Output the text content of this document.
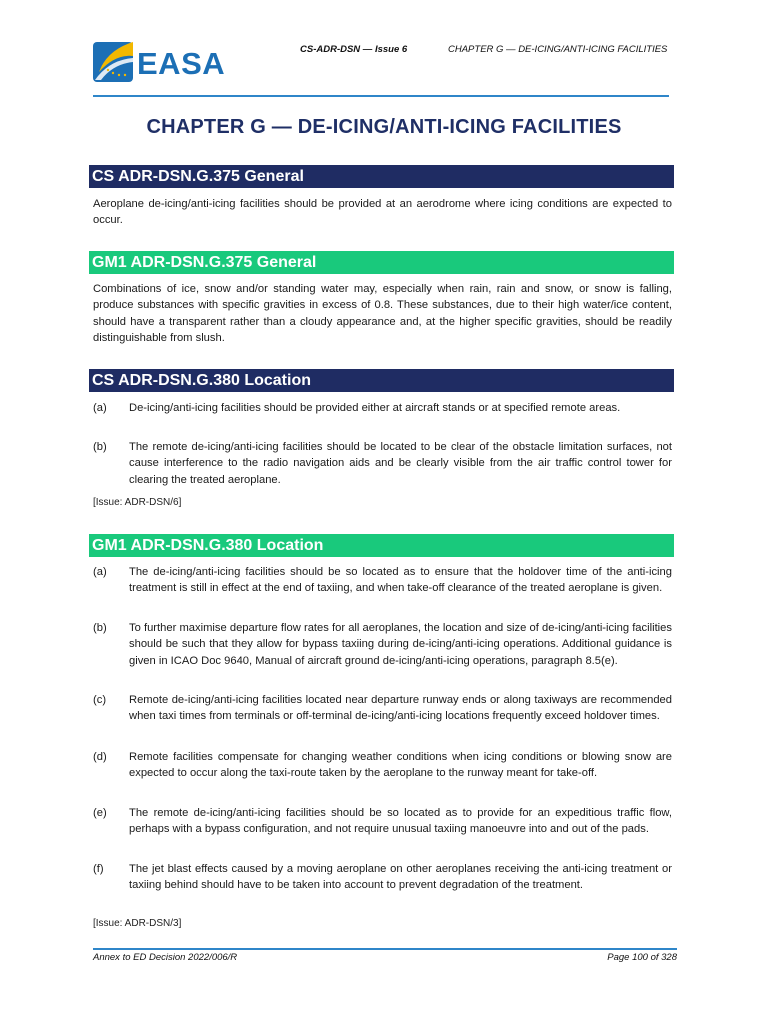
EASA	CS-ADR-DSN — Issue 6	CHAPTER G — DE-ICING/ANTI-ICING FACILITIES
CHAPTER G — DE-ICING/ANTI-ICING FACILITIES
CS ADR-DSN.G.375 General
Aeroplane de-icing/anti-icing facilities should be provided at an aerodrome where icing conditions are expected to occur.
GM1 ADR-DSN.G.375 General
Combinations of ice, snow and/or standing water may, especially when rain, rain and snow, or snow is falling, produce substances with specific gravities in excess of 0.8. These substances, due to their high water/ice content, should have a transparent rather than a cloudy appearance and, at the higher specific gravities, should be readily distinguishable from slush.
CS ADR-DSN.G.380 Location
(a)	De-icing/anti-icing facilities should be provided either at aircraft stands or at specified remote areas.
(b)	The remote de-icing/anti-icing facilities should be located to be clear of the obstacle limitation surfaces, not cause interference to the radio navigation aids and be clearly visible from the air traffic control tower for clearing the treated aeroplane.
[Issue: ADR-DSN/6]
GM1 ADR-DSN.G.380 Location
(a)	The de-icing/anti-icing facilities should be so located as to ensure that the holdover time of the anti-icing treatment is still in effect at the end of taxiing, and when take-off clearance of the treated aeroplane is given.
(b)	To further maximise departure flow rates for all aeroplanes, the location and size of de-icing/anti-icing facilities should be such that they allow for bypass taxiing during de-icing/anti-icing operations. Additional guidance is given in ICAO Doc 9640, Manual of aircraft ground de-icing/anti-icing operations, paragraph 8.5(e).
(c)	Remote de-icing/anti-icing facilities located near departure runway ends or along taxiways are recommended when taxi times from terminals or off-terminal de-icing/anti-icing locations frequently exceed holdover times.
(d)	Remote facilities compensate for changing weather conditions when icing conditions or blowing snow are expected to occur along the taxi-route taken by the aeroplane to the runway meant for take-off.
(e)	The remote de-icing/anti-icing facilities should be so located as to provide for an expeditious traffic flow, perhaps with a bypass configuration, and not require unusual taxiing manoeuvre into and out of the pads.
(f)	The jet blast effects caused by a moving aeroplane on other aeroplanes receiving the anti-icing treatment or taxiing behind should have to be taken into account to prevent degradation of the treatment.
[Issue: ADR-DSN/3]
Annex to ED Decision 2022/006/R	Page 100 of 328
